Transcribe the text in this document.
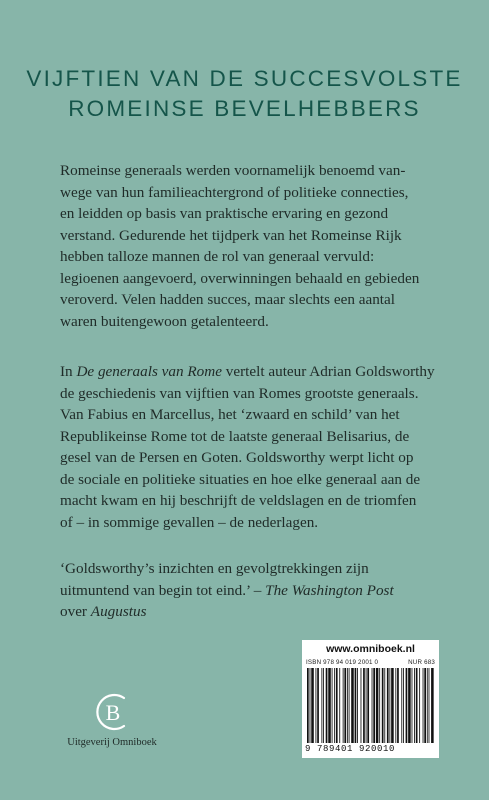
VIJFTIEN VAN DE SUCCESVOLSTE
ROMEINSE BEVELHEBBERS
Romeinse generaals werden voornamelijk benoemd van-
wege van hun familieachtergrond of politieke connecties,
en leidden op basis van praktische ervaring en gezond
verstand. Gedurende het tijdperk van het Romeinse Rijk
hebben talloze mannen de rol van generaal vervuld:
legioenen aangevoerd, overwinningen behaald en gebieden
veroverd. Velen hadden succes, maar slechts een aantal
waren buitengewoon getalenteerd.
In De generaals van Rome vertelt auteur Adrian Goldsworthy
de geschiedenis van vijftien van Romes grootste generaals.
Van Fabius en Marcellus, het ‘zwaard en schild’ van het
Republikeinse Rome tot de laatste generaal Belisarius, de
gesel van de Persen en Goten. Goldsworthy werpt licht op
de sociale en politieke situaties en hoe elke generaal aan de
macht kwam en hij beschrijft de veldslagen en de triomfen
of – in sommige gevallen – de nederlagen.
‘Goldsworthy’s inzichten en gevolgtrekkingen zijn
uitmuntend van begin tot eind.’ – The Washington Post
over Augustus
B
Uitgeverij Omniboek
www.omniboek.nl
ISBN 978 94 019 2001 0	NUR 683
9 789401 920010
